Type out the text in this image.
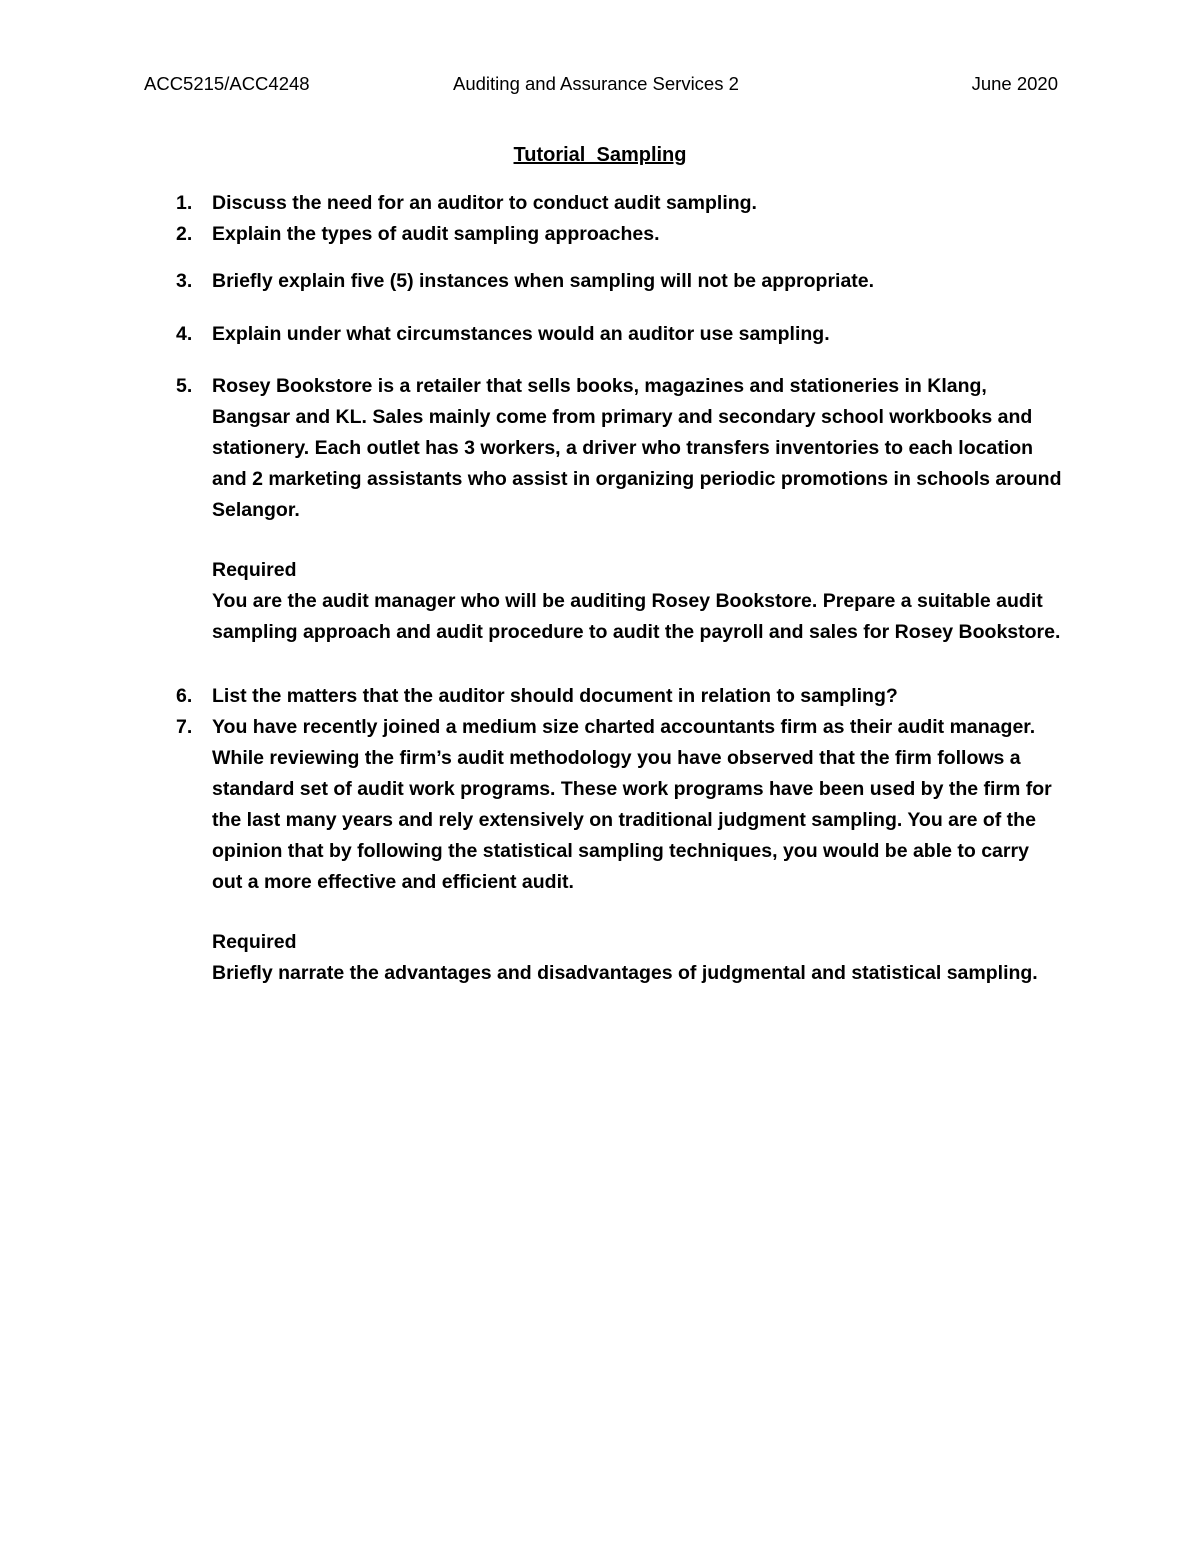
ACC5215/ACC4248	Auditing and Assurance Services 2	June 2020
Tutorial  Sampling
1.	Discuss the need for an auditor to conduct audit sampling.

2.	Explain the types of audit sampling approaches.

3.	Briefly explain five (5) instances when sampling will not be appropriate.

4.	Explain under what circumstances would an auditor use sampling.

5.	Rosey Bookstore is a retailer that sells books, magazines and stationeries in Klang, Bangsar and KL. Sales mainly come from primary and secondary school workbooks and stationery. Each outlet has 3 workers, a driver who transfers inventories to each location and 2 marketing assistants who assist in organizing periodic promotions in schools around Selangor.

Required

You are the audit manager who will be auditing Rosey Bookstore. Prepare a suitable audit sampling approach and audit procedure to audit the payroll and sales for Rosey Bookstore.

6.	List the matters that the auditor should document in relation to sampling?

7.	You have recently joined a medium size charted accountants firm as their audit manager. While reviewing the firm’s audit methodology you have observed that the firm follows a standard set of audit work programs. These work programs have been used by the firm for the last many years and rely extensively on traditional judgment sampling. You are of the opinion that by following the statistical sampling techniques, you would be able to carry out a more effective and efficient audit.

Required

Briefly narrate the advantages and disadvantages of judgmental and statistical sampling.
